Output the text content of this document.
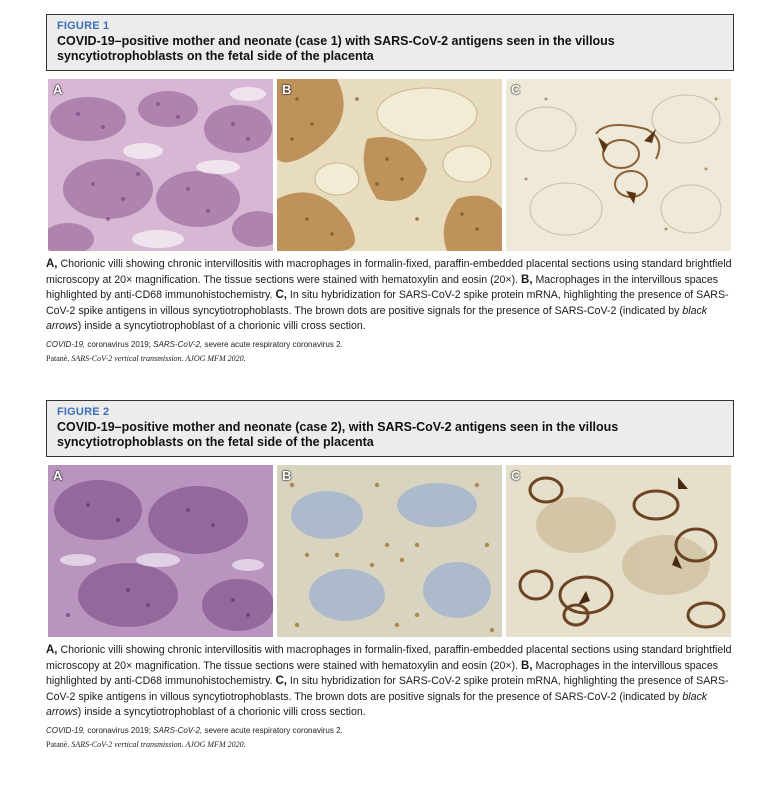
FIGURE 1
COVID-19–positive mother and neonate (case 1) with SARS-CoV-2 antigens seen in the villous syncytiotrophoblasts on the fetal side of the placenta
A	B	C
A, Chorionic villi showing chronic intervillositis with macrophages in formalin-fixed, paraffin-embedded placental sections using standard brightfield microscopy at 20× magnification. The tissue sections were stained with hematoxylin and eosin (20×). B, Macrophages in the intervillous spaces highlighted by anti-CD68 immunohistochemistry. C, In situ hybridization for SARS-CoV-2 spike protein mRNA, highlighting the presence of SARS-CoV-2 spike antigens in villous syncytiotrophoblasts. The brown dots are positive signals for the presence of SARS-CoV-2 (indicated by black arrows) inside a syncytiotrophoblast of a chorionic villi cross section.
COVID-19, coronavirus 2019; SARS-CoV-2, severe acute respiratory coronavirus 2.
Patanè. SARS-CoV-2 vertical transmission. AJOG MFM 2020.
FIGURE 2
COVID-19–positive mother and neonate (case 2), with SARS-CoV-2 antigens seen in the villous syncytiotrophoblasts on the fetal side of the placenta
A	B	C
A, Chorionic villi showing chronic intervillositis with macrophages in formalin-fixed, paraffin-embedded placental sections using standard brightfield microscopy at 20× magnification. The tissue sections were stained with hematoxylin and eosin (20×). B, Macrophages in the intervillous spaces highlighted by anti-CD68 immunohistochemistry. C, In situ hybridization for SARS-CoV-2 spike protein mRNA, highlighting the presence of SARS-CoV-2 spike antigens in villous syncytiotrophoblasts. The brown dots are positive signals for the presence of SARS-CoV-2 (indicated by black arrows) inside a syncytiotrophoblast of a chorionic villi cross section.
COVID-19, coronavirus 2019; SARS-CoV-2, severe acute respiratory coronavirus 2.
Patanè. SARS-CoV-2 vertical transmission. AJOG MFM 2020.
